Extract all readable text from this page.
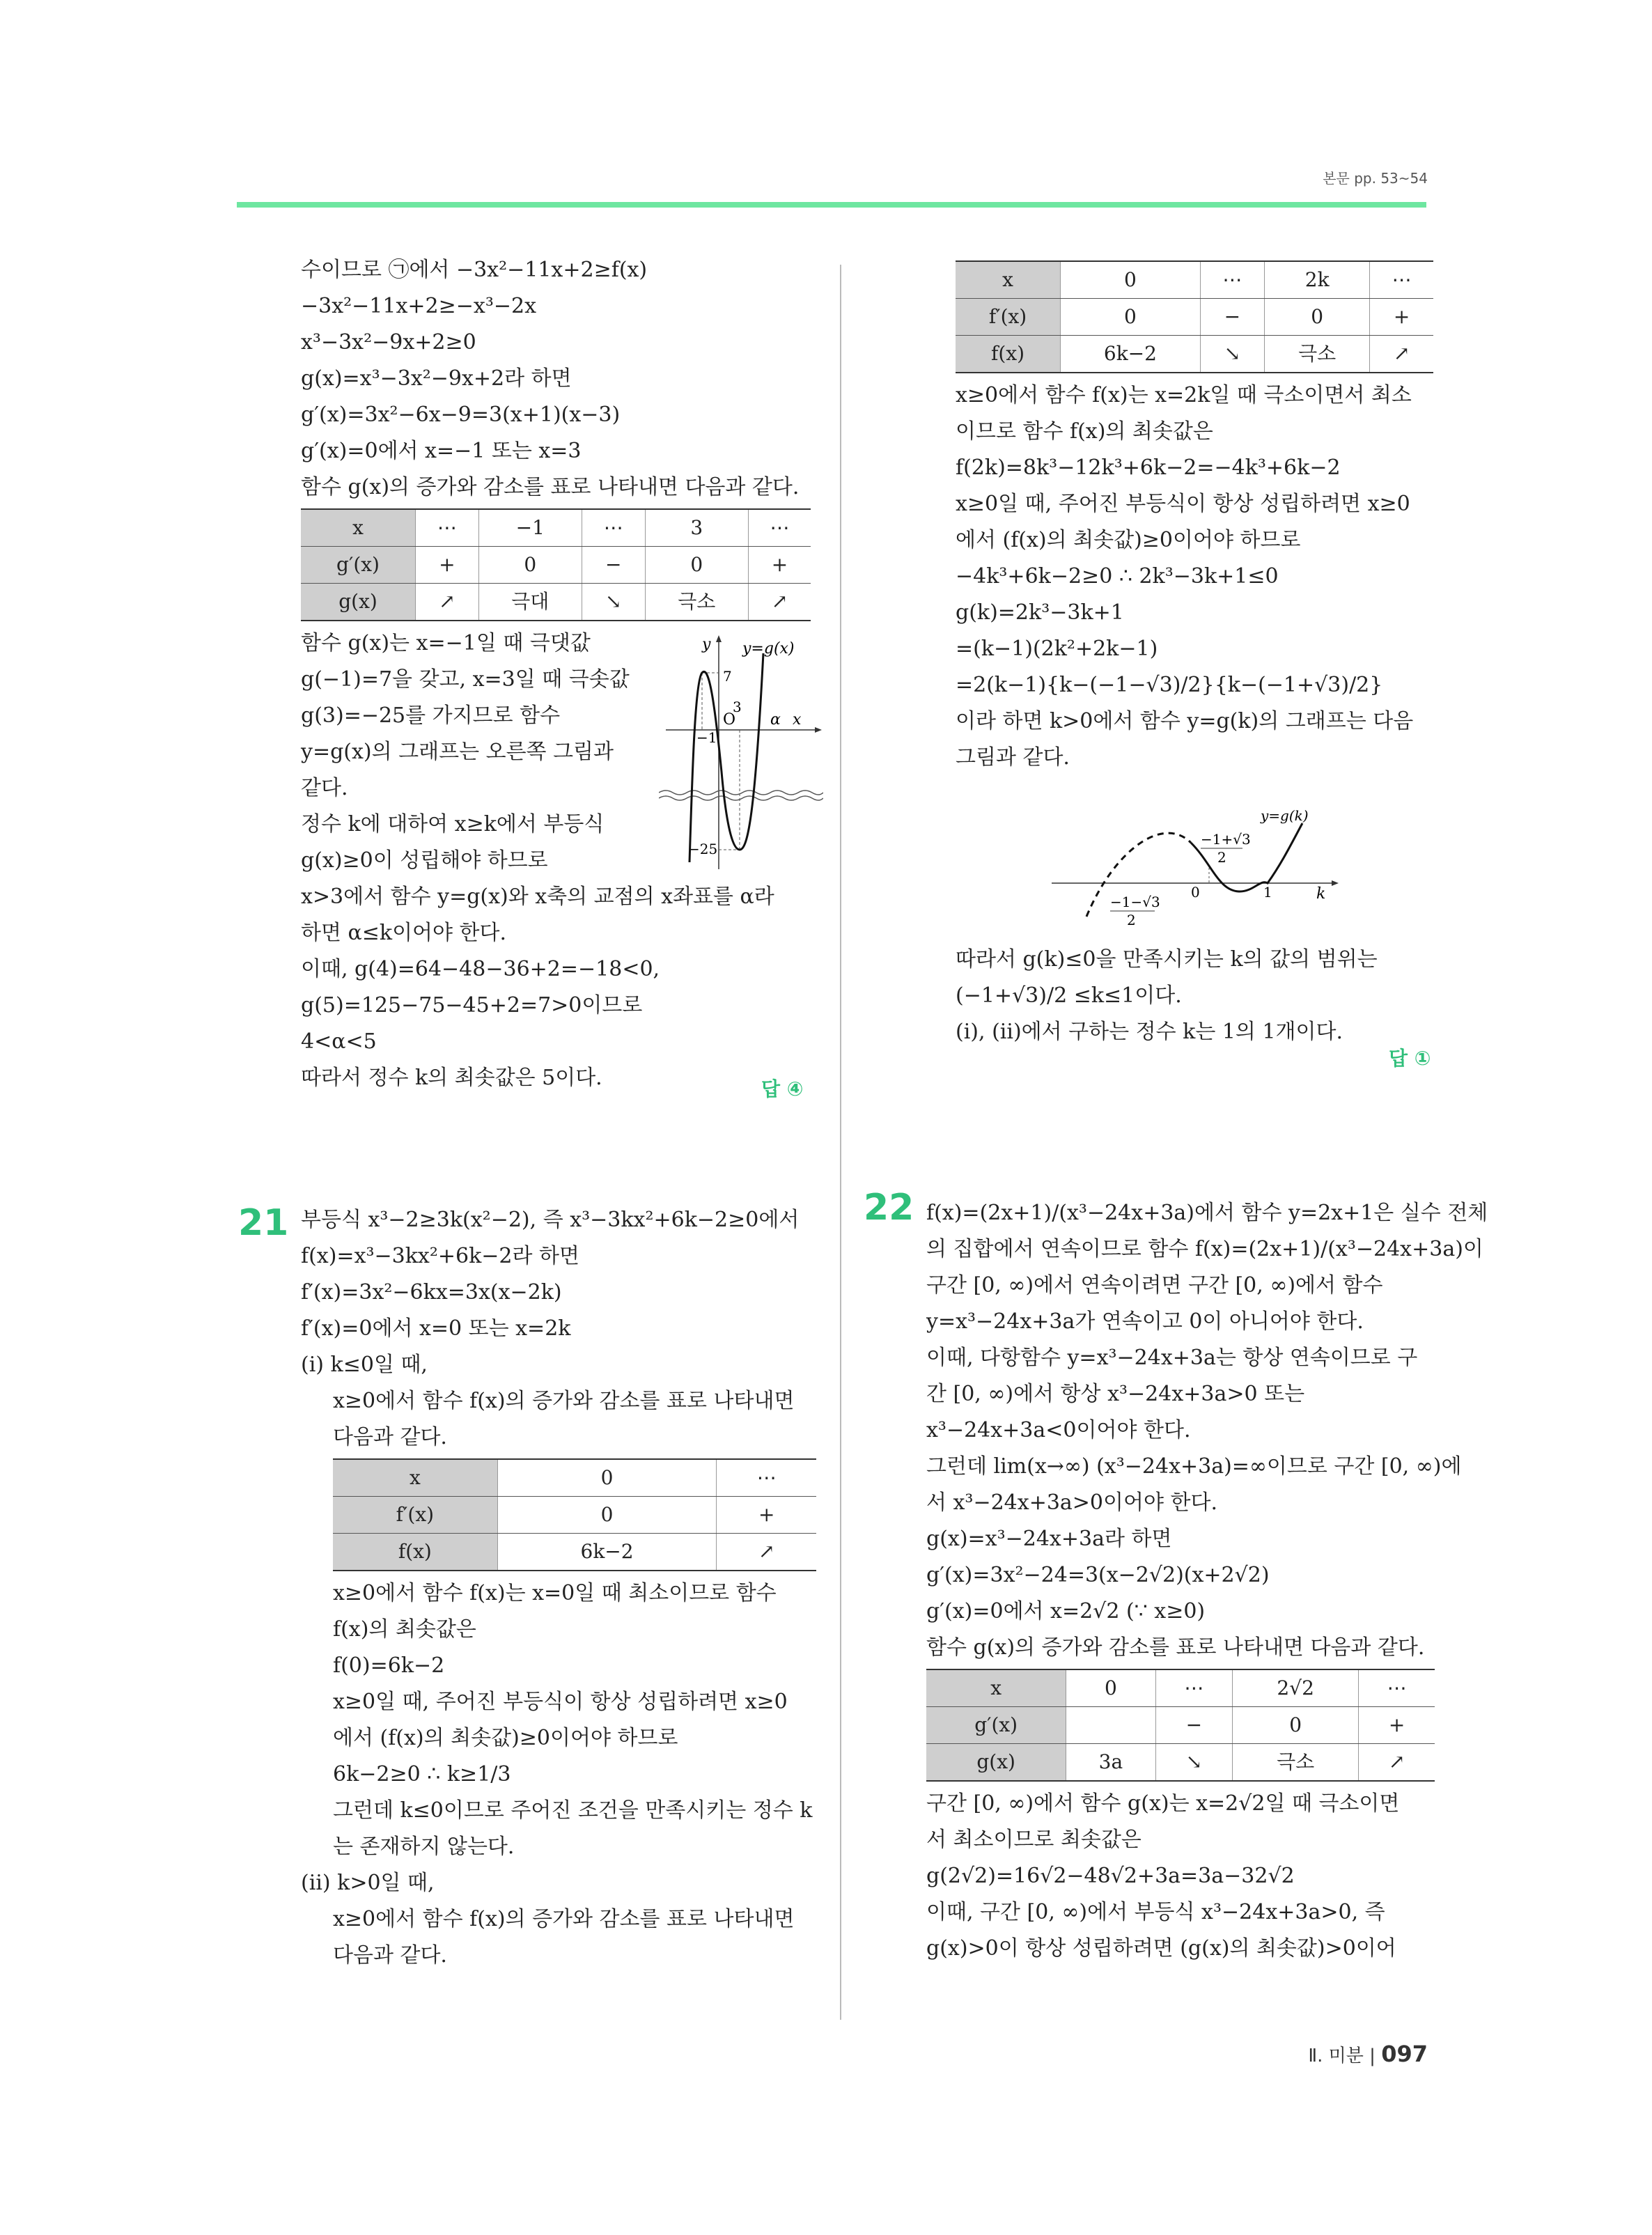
본문 pp. 53~54

수이므로 ㉠에서 −3x²−11x+2≥f(x)

−3x²−11x+2≥−x³−2x

x³−3x²−9x+2≥0

g(x)=x³−3x²−9x+2라 하면

g′(x)=3x²−6x−9=3(x+1)(x−3)

g′(x)=0에서 x=−1 또는 x=3

함수 g(x)의 증가와 감소를 표로 나타내면 다음과 같다.

x	⋯	−1	⋯	3	⋯
g′(x)	+	0	−	0	+
g(x)	↗	극대	↘	극소	↗

함수 g(x)는 x=−1일 때 극댓값

g(−1)=7을 갖고, x=3일 때 극솟값

g(3)=−25를 가지므로 함수

y=g(x)의 그래프는 오른쪽 그림과

같다.

정수 k에 대하여 x≥k에서 부등식

g(x)≥0이 성립해야 하므로

x>3에서 함수 y=g(x)와 x축의 교점의 x좌표를 α라

하면 α≤k이어야 한다.

이때, g(4)=64−48−36+2=−18<0,

g(5)=125−75−45+2=7>0이므로

4<α<5

따라서 정수 k의 최솟값은 5이다.

y y=g(x)
x
O α
7
3
−1
−25
답 ④
x	0	⋯	2k	⋯
f′(x)	0	−	0	+
f(x)	6k−2	↘	극소	↗

x≥0에서 함수 f(x)는 x=2k일 때 극소이면서 최소

이므로 함수 f(x)의 최솟값은

f(2k)=8k³−12k³+6k−2=−4k³+6k−2

x≥0일 때, 주어진 부등식이 항상 성립하려면 x≥0

에서 (f(x)의 최솟값)≥0이어야 하므로

−4k³+6k−2≥0 ∴ 2k³−3k+1≤0

g(k)=2k³−3k+1

=(k−1)(2k²+2k−1)

=2(k−1){k−(−1−√3)/2}{k−(−1+√3)/2}

이라 하면 k>0에서 함수 y=g(k)의 그래프는 다음

그림과 같다.

y=g(k)
−1+√3
2
−1−√3
2
0	1	k

따라서 g(k)≤0을 만족시키는 k의 값의 범위는

(−1+√3)/2 ≤k≤1이다.

(ⅰ), (ⅱ)에서 구하는 정수 k는 1의 1개이다.

답 ①
21 부등식 x³−2≥3k(x²−2), 즉 x³−3kx²+6k−2≥0에서

f(x)=x³−3kx²+6k−2라 하면

f′(x)=3x²−6kx=3x(x−2k)

f′(x)=0에서 x=0 또는 x=2k

(ⅰ) k≤0일 때,

x≥0에서 함수 f(x)의 증가와 감소를 표로 나타내면

다음과 같다.

x	0	⋯
f′(x)	0	+
f(x)	6k−2	↗

x≥0에서 함수 f(x)는 x=0일 때 최소이므로 함수

f(x)의 최솟값은

f(0)=6k−2

x≥0일 때, 주어진 부등식이 항상 성립하려면 x≥0

에서 (f(x)의 최솟값)≥0이어야 하므로

6k−2≥0 ∴ k≥1/3

그런데 k≤0이므로 주어진 조건을 만족시키는 정수 k

는 존재하지 않는다.

(ⅱ) k>0일 때,

x≥0에서 함수 f(x)의 증가와 감소를 표로 나타내면

다음과 같다.

22 f(x)=(2x+1)/(x³−24x+3a)에서 함수 y=2x+1은 실수 전체

의 집합에서 연속이므로 함수 f(x)=(2x+1)/(x³−24x+3a)이

구간 [0, ∞)에서 연속이려면 구간 [0, ∞)에서 함수

y=x³−24x+3a가 연속이고 0이 아니어야 한다.

이때, 다항함수 y=x³−24x+3a는 항상 연속이므로 구

간 [0, ∞)에서 항상 x³−24x+3a>0 또는

x³−24x+3a<0이어야 한다.

그런데 lim(x→∞) (x³−24x+3a)=∞이므로 구간 [0, ∞)에

서 x³−24x+3a>0이어야 한다.

g(x)=x³−24x+3a라 하면

g′(x)=3x²−24=3(x−2√2)(x+2√2)

g′(x)=0에서 x=2√2 (∵ x≥0)

함수 g(x)의 증가와 감소를 표로 나타내면 다음과 같다.

x	0	⋯	2√2	⋯
g′(x)		−	0	+
g(x)	3a	↘	극소	↗

구간 [0, ∞)에서 함수 g(x)는 x=2√2일 때 극소이면

서 최소이므로 최솟값은

g(2√2)=16√2−48√2+3a=3a−32√2

이때, 구간 [0, ∞)에서 부등식 x³−24x+3a>0, 즉

g(x)>0이 항상 성립하려면 (g(x)의 최솟값)>0이어

Ⅱ. 미분 | 097
